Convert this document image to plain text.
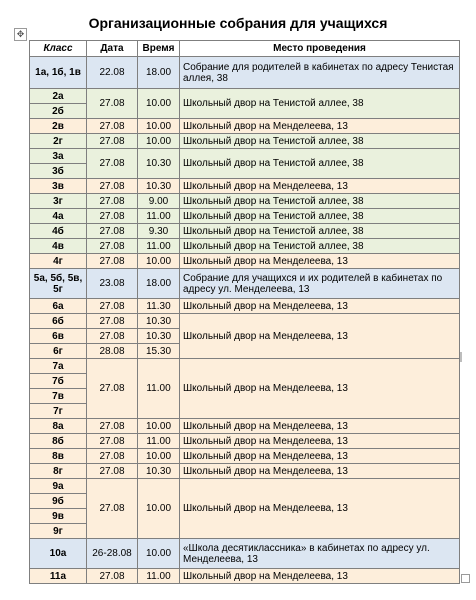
Организационные собрания для учащихся
✥
Класс	Дата	Время	Место проведения
1а, 1б, 1в	22.08	18.00	Собрание для родителей в кабинетах по адресу Тенистая аллея, 38
2а	27.08	10.00	Школьный двор на Тенистой аллее, 38
2б			
2в	27.08	10.00	Школьный двор на Менделеева, 13
2г	27.08	10.00	Школьный двор на Тенистой аллее, 38
3а	27.08	10.30	Школьный двор на Тенистой аллее, 38
3б			
3в	27.08	10.30	Школьный двор на Менделеева, 13
3г	27.08	9.00	Школьный двор на Тенистой аллее, 38
4а	27.08	11.00	Школьный двор на Тенистой аллее, 38
4б	27.08	9.30	Школьный двор на Тенистой аллее, 38
4в	27.08	11.00	Школьный двор на Тенистой аллее, 38
4г	27.08	10.00	Школьный двор на Менделеева, 13
5а, 5б, 5в, 5г	23.08	18.00	Собрание для учащихся и их родителей в кабинетах по адресу ул. Менделеева, 13
6а	27.08	11.30	Школьный двор на Менделеева, 13
6б	27.08	10.30	Школьный двор на Менделеева, 13
6в	27.08	10.30	
6г	28.08	15.30	
7а	27.08	11.00	Школьный двор на Менделеева, 13
7б			
7в			
7г			
8а	27.08	10.00	Школьный двор на Менделеева, 13
8б	27.08	11.00	Школьный двор на Менделеева, 13
8в	27.08	10.00	Школьный двор на Менделеева, 13
8г	27.08	10.30	Школьный двор на Менделеева, 13
9а	27.08	10.00	Школьный двор на Менделеева, 13
9б			
9в			
9г			
10а	26-28.08	10.00	«Школа десятиклассника» в кабинетах по адресу ул. Менделеева, 13
11а	27.08	11.00	Школьный двор на Менделеева, 13
